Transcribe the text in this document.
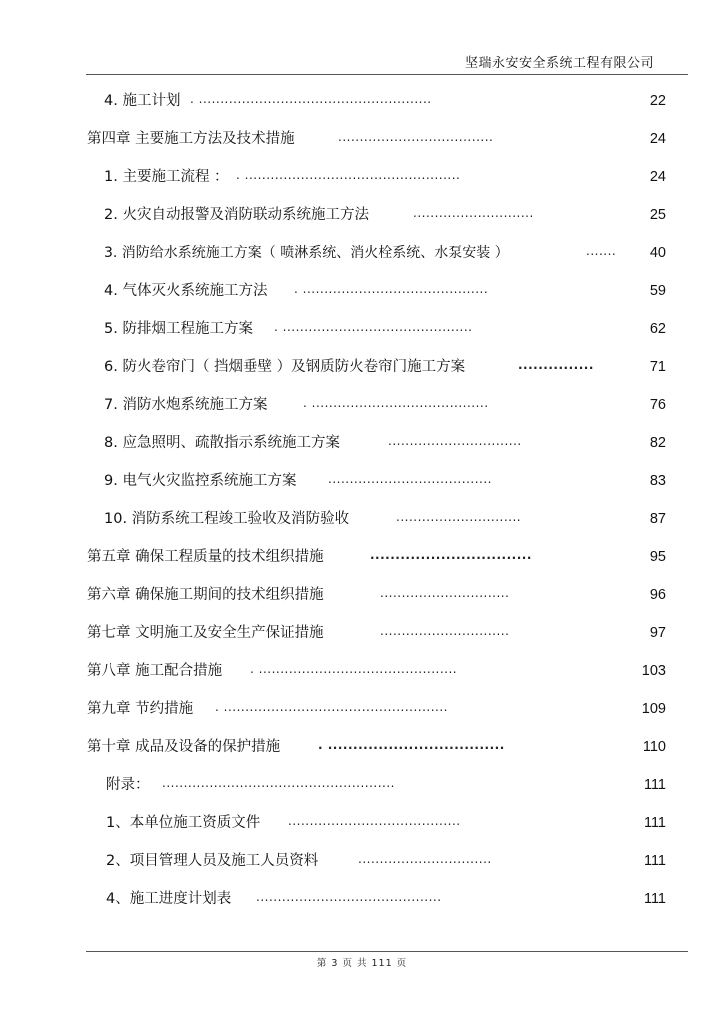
坚瑞永安安全系统工程有限公司
4. 施工计划 . ......................................................	22
第四章 主要施工方法及技术措施	....................................	24
1. 主要施工流程 ： . ..................................................	24
2. 火灾自动报警及消防联动系统施工方法	............................	25
3. 消防给水系统施工方案（ 喷淋系统、消火栓系统、水泵安装 ）	....... 40
4. 气体灭火系统施工方法 . ...........................................	59
5. 防排烟工程施工方案 . ............................................	62
6. 防火卷帘门（ 挡烟垂壁 ）及钢质防火卷帘门施工方案	...............	71
7. 消防水炮系统施工方案	. .........................................	76
8. 应急照明、疏散指示系统施工方案	...............................	82
9. 电气火灾监控系统施工方案	......................................	83
10. 消防系统工程竣工验收及消防验收	.............................	87
第五章 确保工程质量的技术组织措施	................................	95
第六章 确保施工期间的技术组织措施	..............................	96
第七章 文明施工及安全生产保证措施	..............................	97
第八章 施工配合措施 . ..............................................	103
第九章 节约措施 . ....................................................	109
第十章 成品及设备的保护措施	. ...................................	110
附录： ......................................................	111
1、本单位施工资质文件 ........................................	111
2、项目管理人员及施工人员资料	...............................	111
4、施工进度计划表 ...........................................	111
第 3 页 共 111 页
